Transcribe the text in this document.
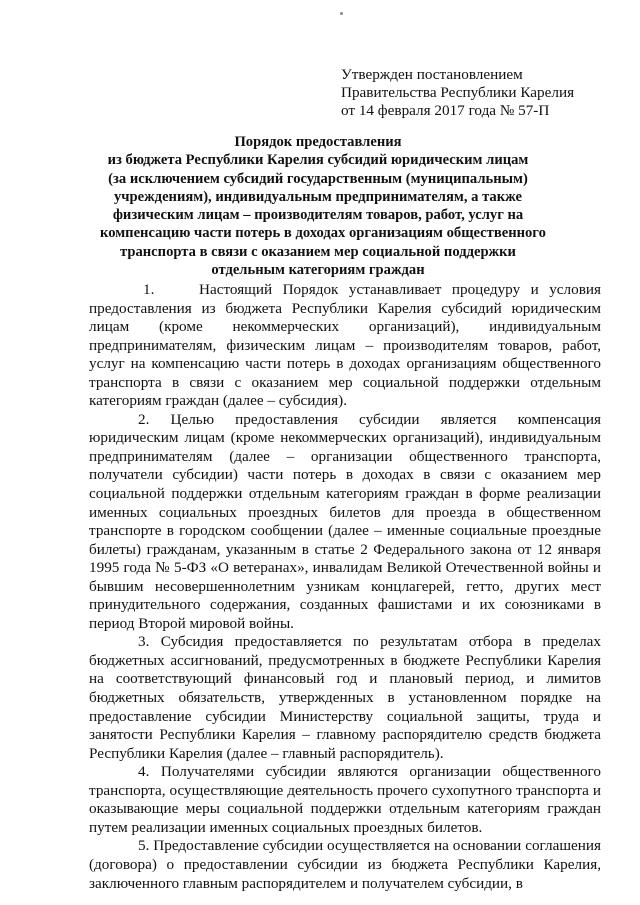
Утвержден постановлением
Правительства Республики Карелия
от 14 февраля 2017 года № 57-П
Порядок предоставления
из бюджета Республики Карелия субсидий юридическим лицам
(за исключением субсидий государственным (муниципальным)
учреждениям), индивидуальным предпринимателям, а также
физическим лицам – производителям товаров, работ, услуг на
компенсацию части потерь в доходах организациям общественного
транспорта в связи с оказанием мер социальной поддержки
отдельным категориям граждан

1.	Настоящий Порядок устанавливает процедуру и условия предоставления из бюджета Республики Карелия субсидий юридическим лицам (кроме некоммерческих организаций), индивидуальным предпринимателям, физическим лицам – производителям товаров, работ, услуг на компенсацию части потерь в доходах организациям общественного транспорта в связи с оказанием мер социальной поддержки отдельным категориям граждан (далее – субсидия).

2. Целью предоставления субсидии является компенсация юридическим лицам (кроме некоммерческих организаций), индивидуальным предпринимателям (далее – организации общественного транспорта, получатели субсидии) части потерь в доходах в связи с оказанием мер социальной поддержки отдельным категориям граждан в форме реализации именных социальных проездных билетов для проезда в общественном транспорте в городском сообщении (далее – именные социальные проездные билеты) гражданам, указанным в статье 2 Федерального закона от 12 января 1995 года № 5-ФЗ «О ветеранах», инвалидам Великой Отечественной войны и бывшим несовершеннолетним узникам концлагерей, гетто, других мест принудительного содержания, созданных фашистами и их союзниками в период Второй мировой войны.

3. Субсидия предоставляется по результатам отбора в пределах бюджетных ассигнований, предусмотренных в бюджете Республики Карелия на соответствующий финансовый год и плановый период, и лимитов бюджетных обязательств, утвержденных в установленном порядке на предоставление субсидии Министерству социальной защиты, труда и занятости Республики Карелия – главному распорядителю средств бюджета Республики Карелия (далее – главный распорядитель).

4. Получателями субсидии являются организации общественного транспорта, осуществляющие деятельность прочего сухопутного транспорта и оказывающие меры социальной поддержки отдельным категориям граждан путем реализации именных социальных проездных билетов.

5. Предоставление субсидии осуществляется на основании соглашения (договора) о предоставлении субсидии из бюджета Республики Карелия, заключенного главным распорядителем и получателем субсидии, в
